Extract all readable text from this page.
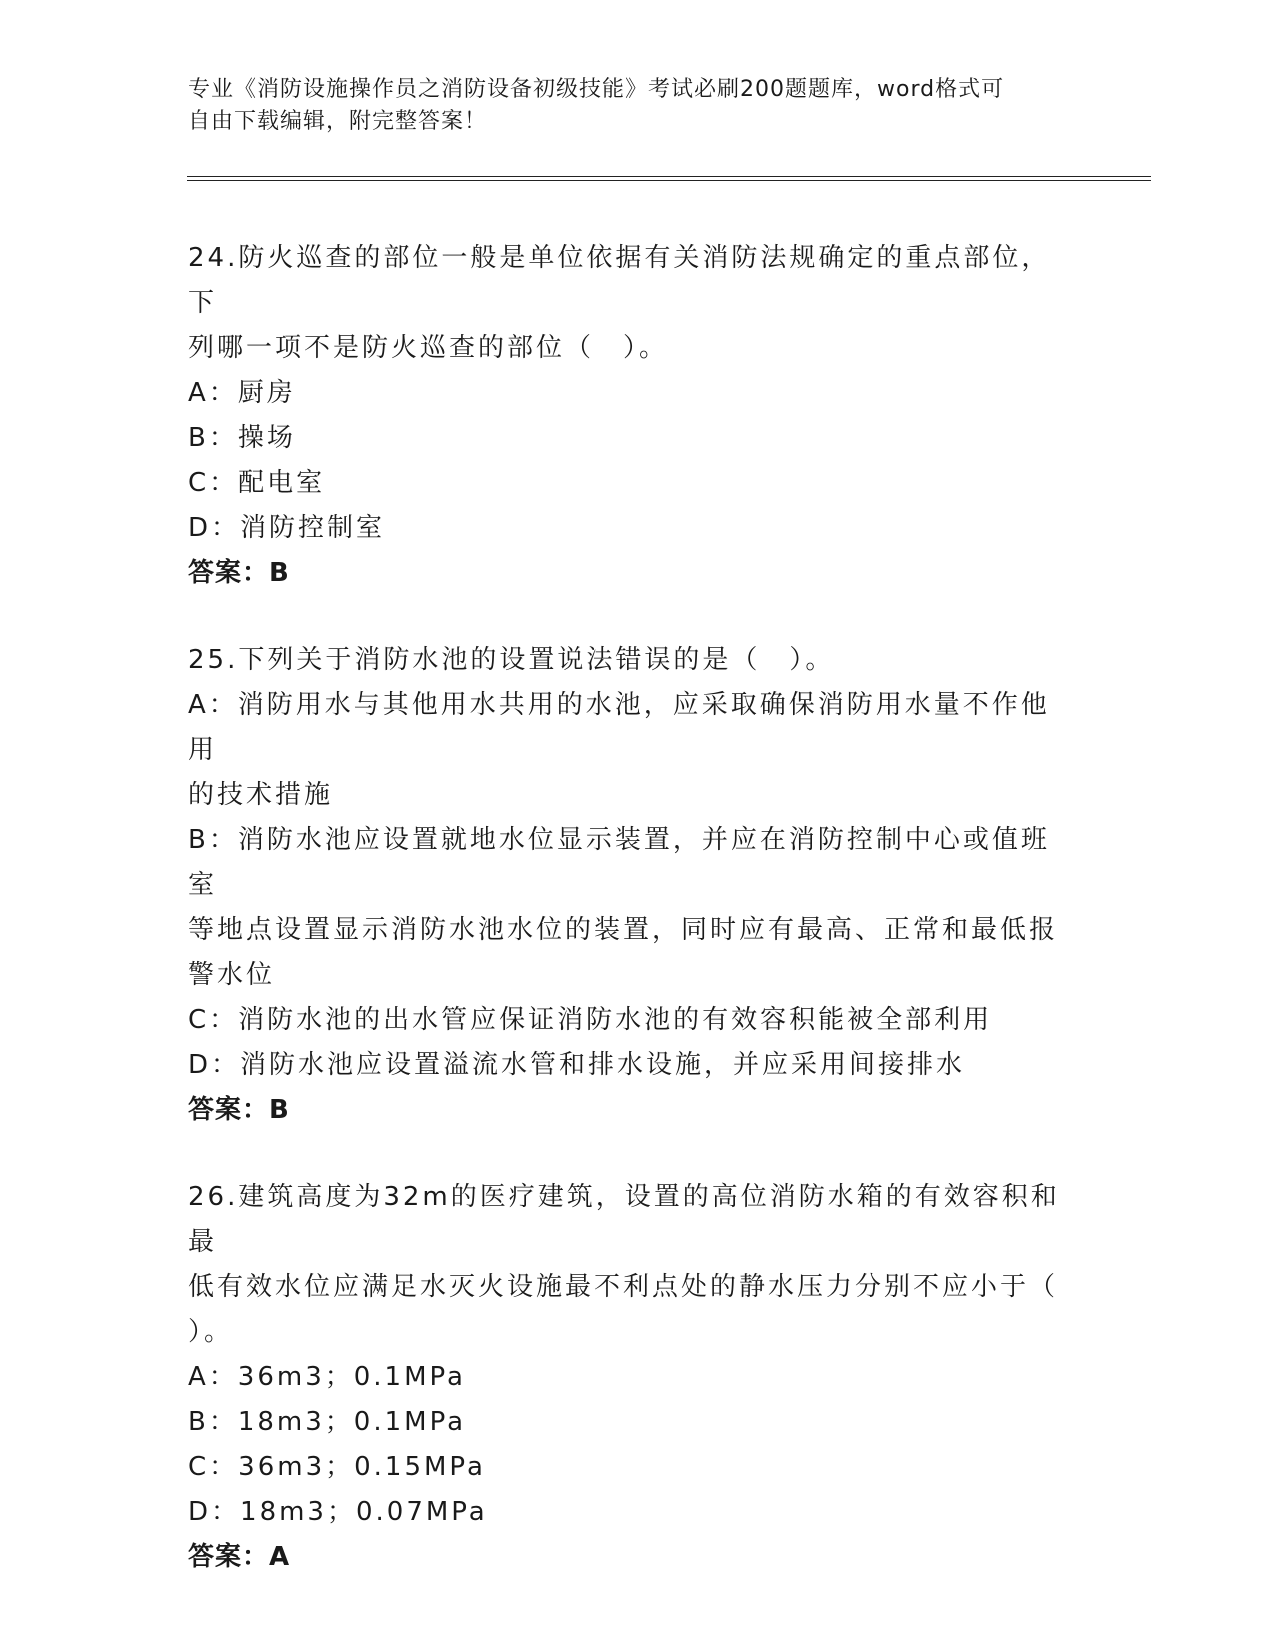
专业《消防设施操作员之消防设备初级技能》考试必刷200题题库，word格式可
自由下载编辑，附完整答案！

24.防火巡查的部位一般是单位依据有关消防法规确定的重点部位，下

列哪一项不是防火巡查的部位（　）。

A：厨房

B：操场

C：配电室

D：消防控制室

答案：B

25.下列关于消防水池的设置说法错误的是（　）。

A：消防用水与其他用水共用的水池，应采取确保消防用水量不作他用

的技术措施

B：消防水池应设置就地水位显示装置，并应在消防控制中心或值班室

等地点设置显示消防水池水位的装置，同时应有最高、正常和最低报

警水位

C：消防水池的出水管应保证消防水池的有效容积能被全部利用

D：消防水池应设置溢流水管和排水设施，并应采用间接排水

答案：B

26.建筑高度为32m的医疗建筑，设置的高位消防水箱的有效容积和最

低有效水位应满足水灭火设施最不利点处的静水压力分别不应小于（

）。

A：36m3；0.1MPa

B：18m3；0.1MPa

C：36m3；0.15MPa

D：18m3；0.07MPa

答案：A
